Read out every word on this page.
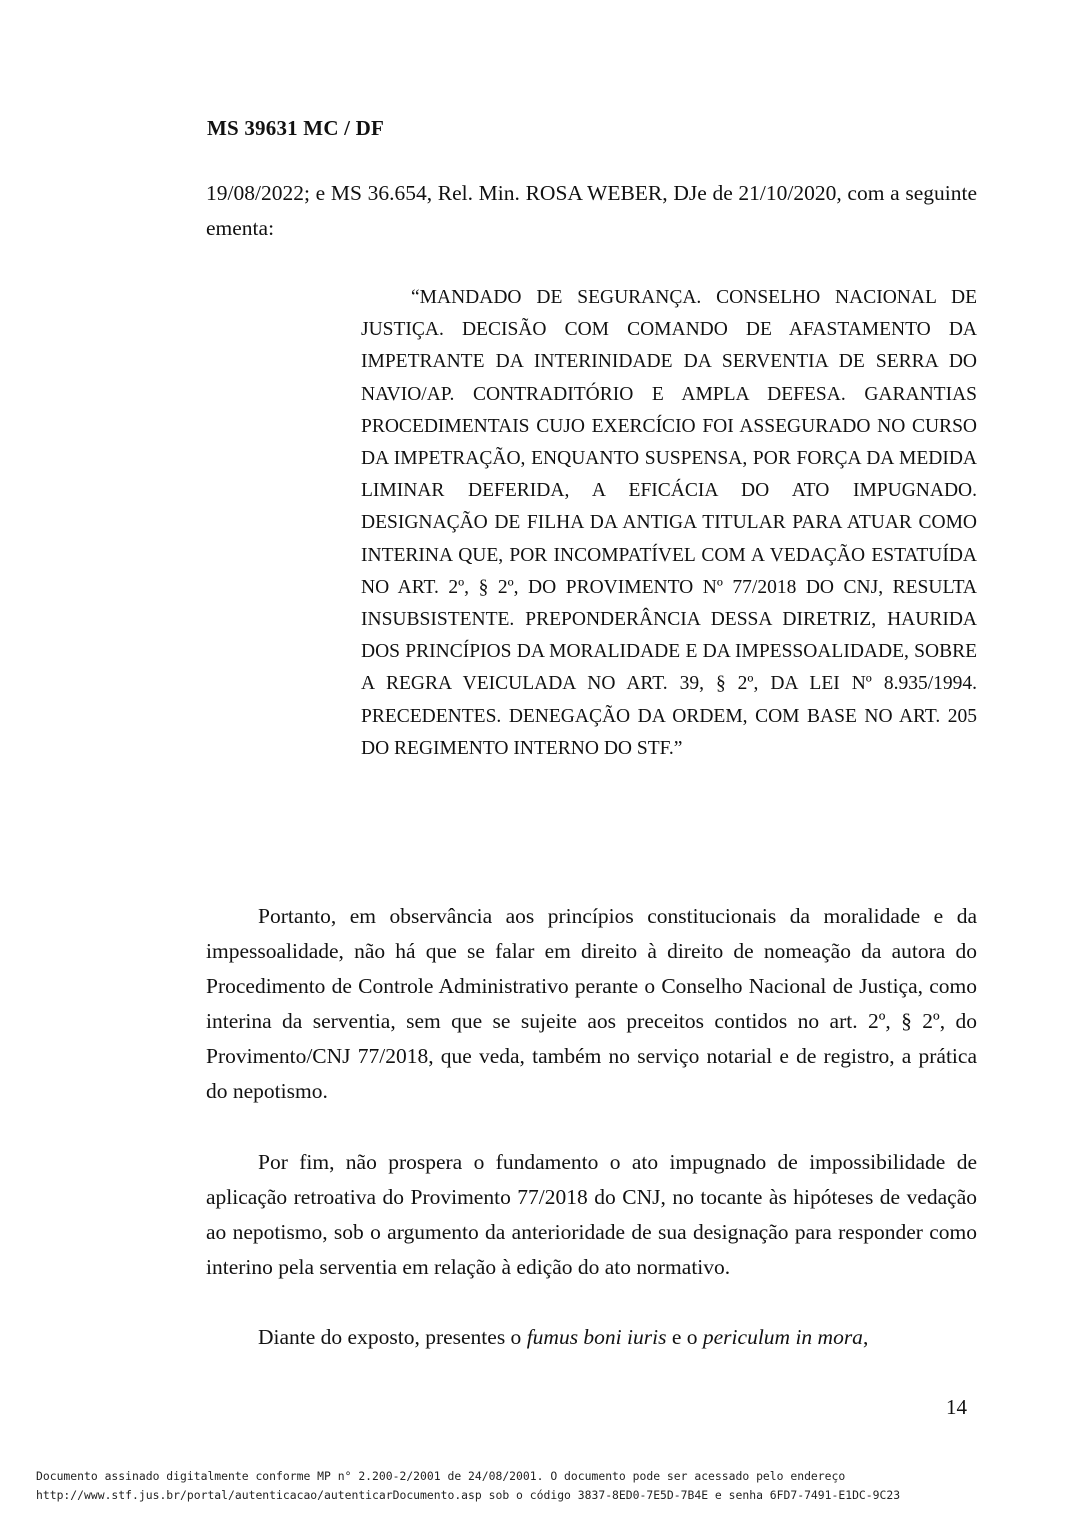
MS 39631 MC / DF
19/08/2022; e MS 36.654, Rel. Min. ROSA WEBER, DJe de 21/10/2020, com a seguinte ementa:
“MANDADO DE SEGURANÇA. CONSELHO NACIONAL DE JUSTIÇA. DECISÃO COM COMANDO DE AFASTAMENTO DA IMPETRANTE DA INTERINIDADE DA SERVENTIA DE SERRA DO NAVIO/AP. CONTRADITÓRIO E AMPLA DEFESA. GARANTIAS PROCEDIMENTAIS CUJO EXERCÍCIO FOI ASSEGURADO NO CURSO DA IMPETRAÇÃO, ENQUANTO SUSPENSA, POR FORÇA DA MEDIDA LIMINAR DEFERIDA, A EFICÁCIA DO ATO IMPUGNADO. DESIGNAÇÃO DE FILHA DA ANTIGA TITULAR PARA ATUAR COMO INTERINA QUE, POR INCOMPATÍVEL COM A VEDAÇÃO ESTATUÍDA NO ART. 2º, § 2º, DO PROVIMENTO Nº 77/2018 DO CNJ, RESULTA INSUBSISTENTE. PREPONDERÂNCIA DESSA DIRETRIZ, HAURIDA DOS PRINCÍPIOS DA MORALIDADE E DA IMPESSOALIDADE, SOBRE A REGRA VEICULADA NO ART. 39, § 2º, DA LEI Nº 8.935/1994. PRECEDENTES. DENEGAÇÃO DA ORDEM, COM BASE NO ART. 205 DO REGIMENTO INTERNO DO STF.”
Portanto, em observância aos princípios constitucionais da moralidade e da impessoalidade, não há que se falar em direito à direito de nomeação da autora do Procedimento de Controle Administrativo perante o Conselho Nacional de Justiça, como interina da serventia, sem que se sujeite aos preceitos contidos no art. 2º, § 2º, do Provimento/CNJ 77/2018, que veda, também no serviço notarial e de registro, a prática do nepotismo.
Por fim, não prospera o fundamento o ato impugnado de impossibilidade de aplicação retroativa do Provimento 77/2018 do CNJ, no tocante às hipóteses de vedação ao nepotismo, sob o argumento da anterioridade de sua designação para responder como interino pela serventia em relação à edição do ato normativo.
Diante do exposto, presentes o fumus boni iuris e o periculum in mora,
14
Documento assinado digitalmente conforme MP n° 2.200-2/2001 de 24/08/2001. O documento pode ser acessado pelo endereço
http://www.stf.jus.br/portal/autenticacao/autenticarDocumento.asp sob o código 3837-8ED0-7E5D-7B4E e senha 6FD7-7491-E1DC-9C23
